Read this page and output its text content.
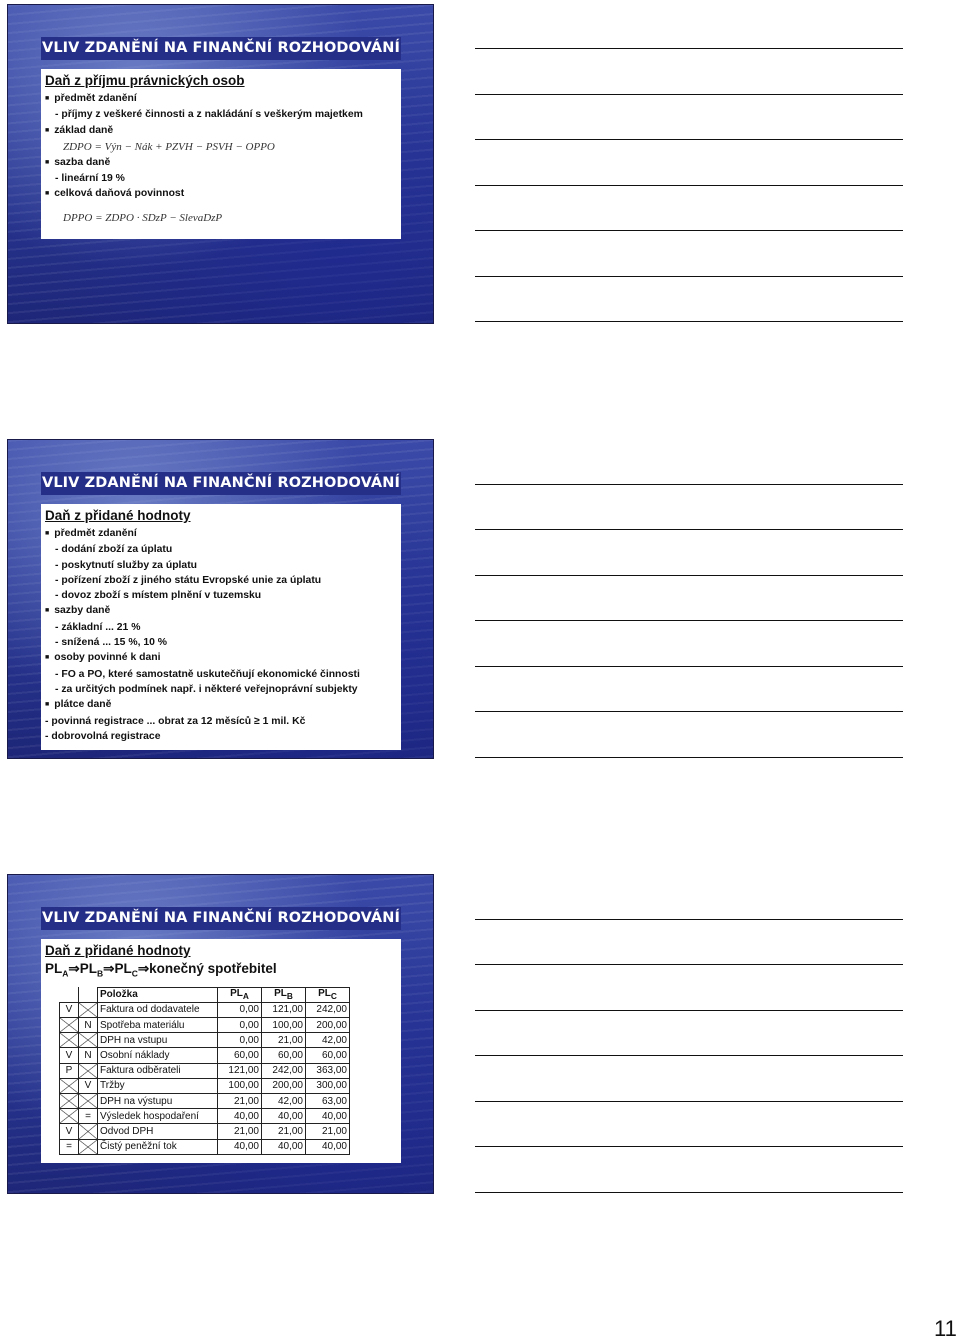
VLIV ZDANĚNÍ NA FINANČNÍ ROZHODOVÁNÍ
Daň z příjmu právnických osob
■ předmět zdanění
- příjmy z veškeré činnosti a z nakládání s veškerým majetkem
■ základ daně
ZDPO = Výn − Nák + PZVH − PSVH − OPPO
■ sazba daně
- lineární 19 %
■ celková daňová povinnost
DPPO = ZDPO · SDzP − SlevaDzP
VLIV ZDANĚNÍ NA FINANČNÍ ROZHODOVÁNÍ
Daň z přidané hodnoty
■ předmět zdanění
- dodání zboží za úplatu
- poskytnutí služby za úplatu
- pořízení zboží z jiného státu Evropské unie za úplatu
- dovoz zboží s místem plnění v tuzemsku
■ sazby daně
- základní ... 21 %
- snížená ... 15 %, 10 %
■ osoby povinné k dani
- FO a PO, které samostatně uskutečňují ekonomické činnosti
- za určitých podmínek např. i některé veřejnoprávní subjekty
■ plátce daně
- povinná registrace ... obrat za 12 měsíců ≥ 1 mil. Kč
- dobrovolná registrace
VLIV ZDANĚNÍ NA FINANČNÍ ROZHODOVÁNÍ
Daň z přidané hodnoty
$PL_A\Rightarrow PL_B\Rightarrow PL_C\Rightarrow konečný$ spotřebitel
		Položka	$PL_A$	$PL_B$	$PL_C$
V		Faktura od dodavatele	0,00	121,00	242,00
	N	Spotřeba materiálu	0,00	100,00	200,00
		DPH na vstupu	0,00	21,00	42,00
V	N	Osobní náklady	60,00	60,00	60,00
P		Faktura odběrateli	121,00	242,00	363,00
	V	Tržby	100,00	200,00	300,00
		DPH na výstupu	21,00	42,00	63,00
	=	Výsledek hospodaření	40,00	40,00	40,00
V		Odvod DPH	21,00	21,00	21,00
=		Čistý peněžní tok	40,00	40,00	40,00
11
